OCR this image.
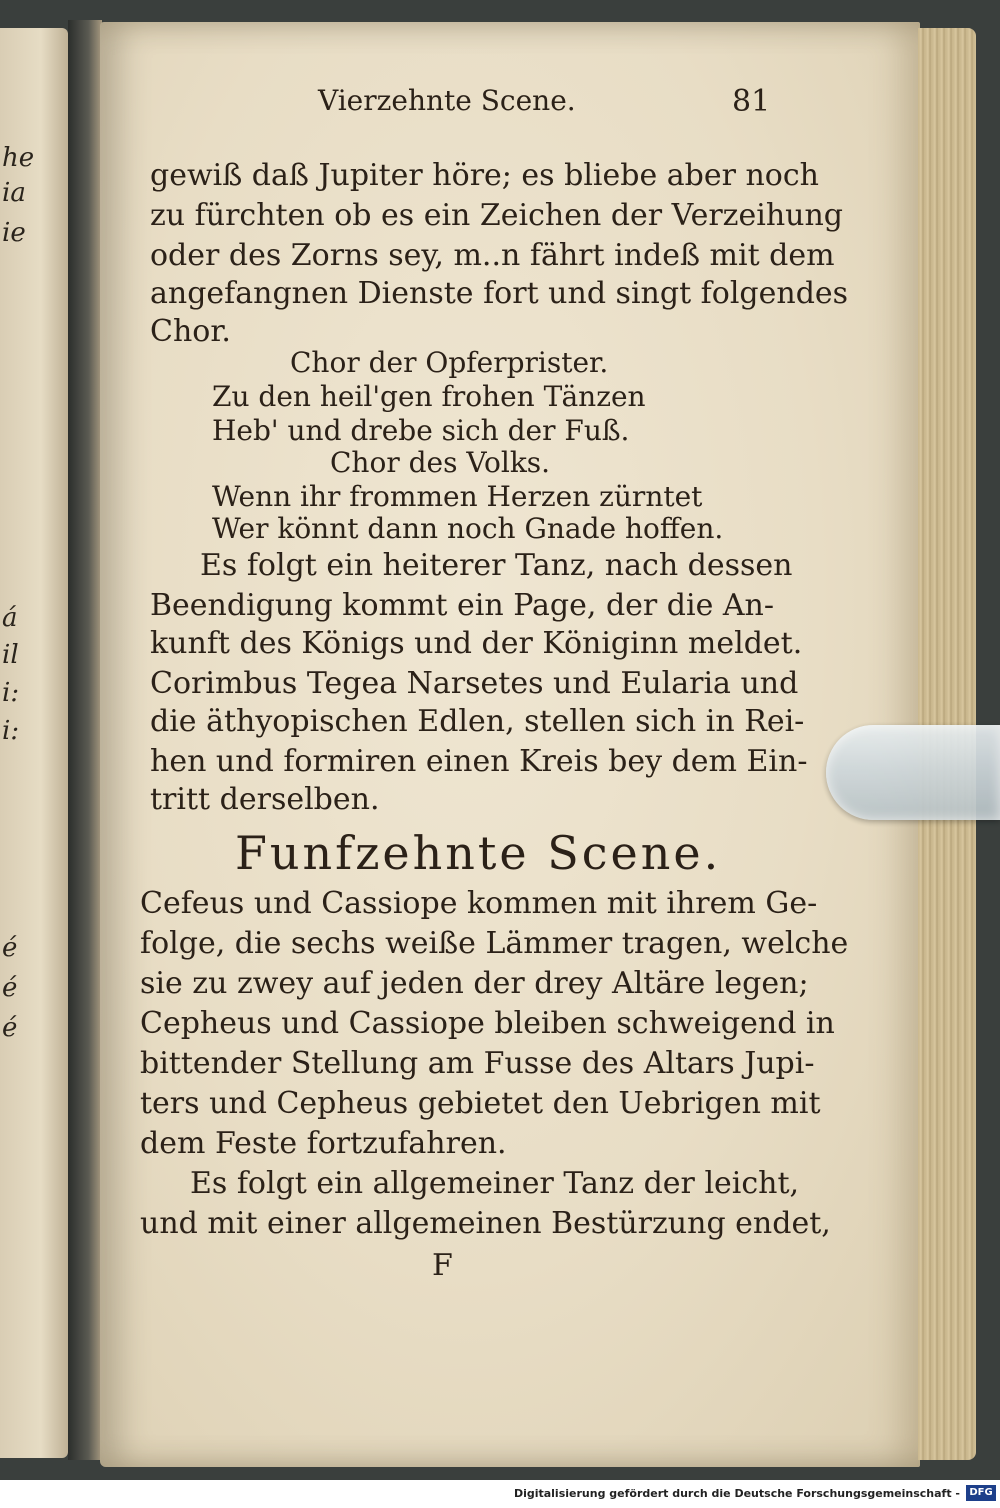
he
ia
ie
á
il
i:
i:
é
é
é
Vierzehnte Scene.	81
gewiß daß Jupiter höre; es bliebe aber noch
zu fürchten ob es ein Zeichen der Verzeihung
oder des Zorns sey, m..n fährt indeß mit dem
angefangnen Dienste fort und singt folgendes
Chor.
Chor der Opferprister.
Zu den heil'gen frohen Tänzen
Heb' und drebe sich der Fuß.
Chor des Volks.
Wenn ihr frommen Herzen zürntet
Wer könnt dann noch Gnade hoffen.
Es folgt ein heiterer Tanz, nach dessen
Beendigung kommt ein Page, der die An-
kunft des Königs und der Königinn meldet.
Corimbus Tegea Narsetes und Eularia und
die äthyopischen Edlen, stellen sich in Rei-
hen und formiren einen Kreis bey dem Ein-
tritt derselben.
Funfzehnte Scene.
Cefeus und Cassiope kommen mit ihrem Ge-
folge, die sechs weiße Lämmer tragen, welche
sie zu zwey auf jeden der drey Altäre legen;
Cepheus und Cassiope bleiben schweigend in
bittender Stellung am Fusse des Altars Jupi-
ters und Cepheus gebietet den Uebrigen mit
dem Feste fortzufahren.
Es folgt ein allgemeiner Tanz der leicht,
und mit einer allgemeinen Bestürzung endet,
F
Digitalisierung gefördert durch die Deutsche Forschungsgemeinschaft - DFG
